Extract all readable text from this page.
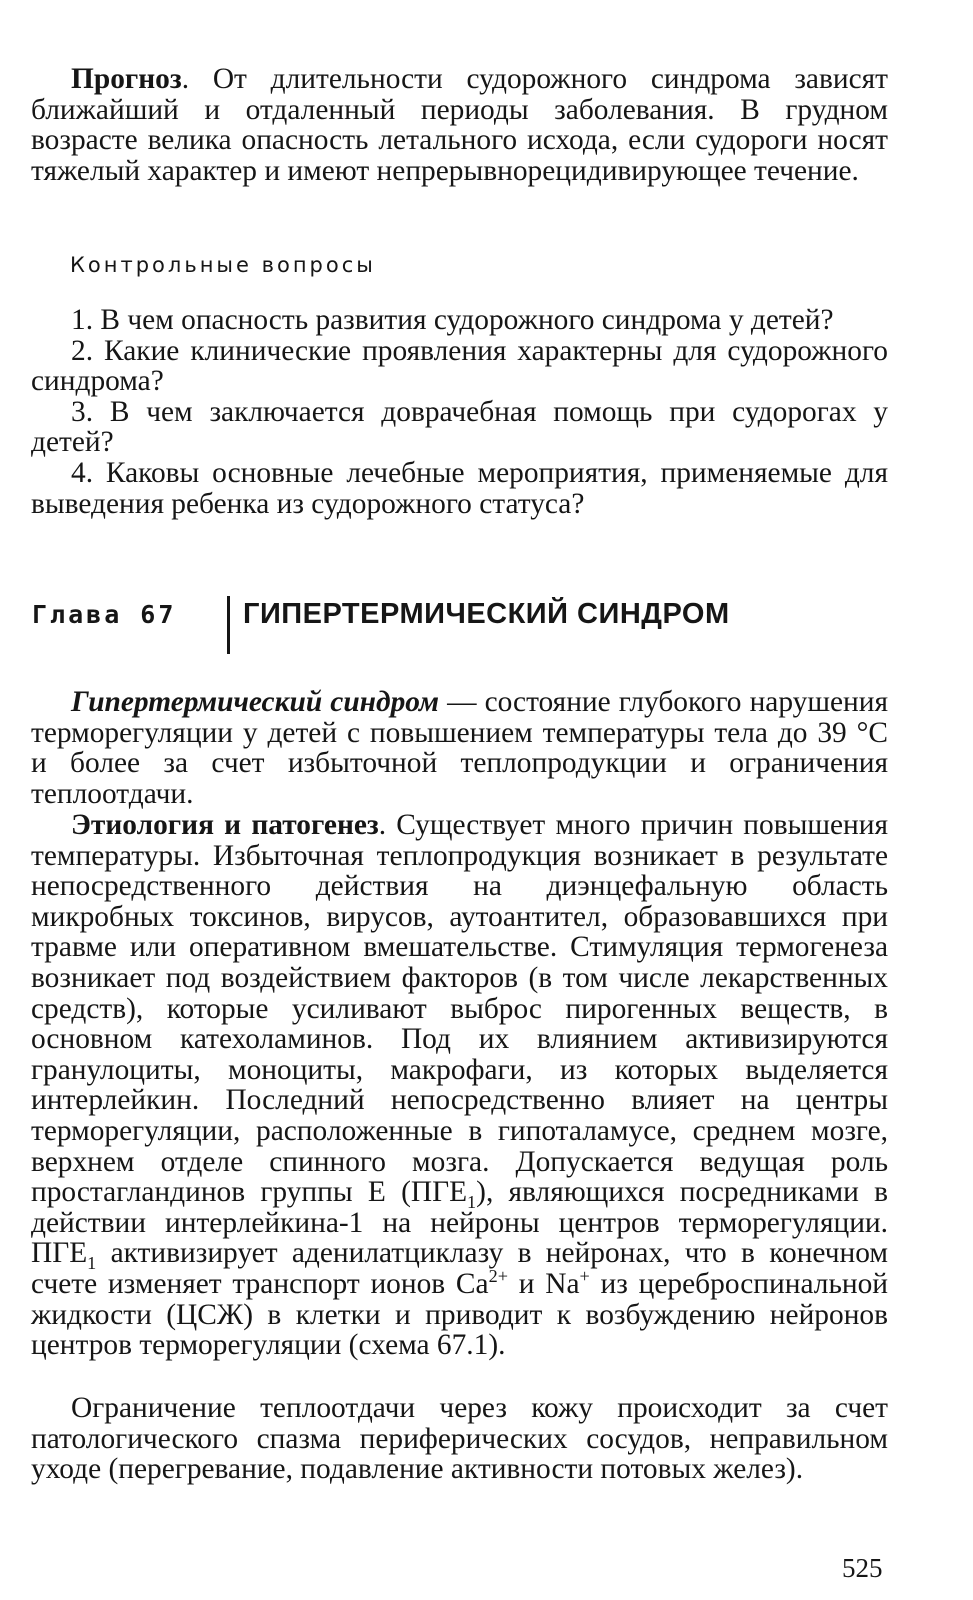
Прогноз. От длительности судорожного синдрома зависят ближайший и отдаленный периоды заболевания. В грудном возрасте велика опасность летального исхода, если судороги носят тяжелый характер и имеют непрерывнорецидивирующее течение.

Контрольные вопросы
1. В чем опасность развития судорожного синдрома у детей?
2. Какие клинические проявления характерны для судорожного синдрома?
3. В чем заключается доврачебная помощь при судорогах у детей?
4. Каковы основные лечебные мероприятия, применяемые для выведения ребенка из судорожного статуса?
Глава 67 ГИПЕРТЕРМИЧЕСКИЙ СИНДРОМ

Гипертермический синдром — состояние глубокого нарушения терморегуляции у детей с повышением температуры тела до 39 °С и более за счет избыточной теплопродукции и ограничения теплоотдачи.

Этиология и патогенез. Существует много причин повышения температуры. Избыточная теплопродукция возникает в результате непосредственного действия на диэнцефальную область микробных токсинов, вирусов, аутоантител, образовавшихся при травме или оперативном вмешательстве. Стимуляция термогенеза возникает под воздействием факторов (в том числе лекарственных средств), которые усиливают выброс пирогенных веществ, в основном катехоламинов. Под их влиянием активизируются гранулоциты, моноциты, макрофаги, из которых выделяется интерлейкин. Последний непосредственно влияет на центры терморегуляции, расположенные в гипоталамусе, среднем мозге, верхнем отделе спинного мозга. Допускается ведущая роль простагландинов группы Е $(ПГЕ_1)$, являющихся посредниками в действии интерлейкина-1 на нейроны центров терморегуляции. $ПГЕ_1$ активизирует аденилатциклазу в нейронах, что в конечном счете изменяет транспорт ионов $Са^{2+}$ и Na+ из цереброспинальной жидкости (ЦСЖ) в клетки и приводит к возбуждению нейронов центров терморегуляции (схема 67.1).

Ограничение теплоотдачи через кожу происходит за счет патологического спазма периферических сосудов, неправильном уходе (перегревание, подавление активности потовых желез).

525
